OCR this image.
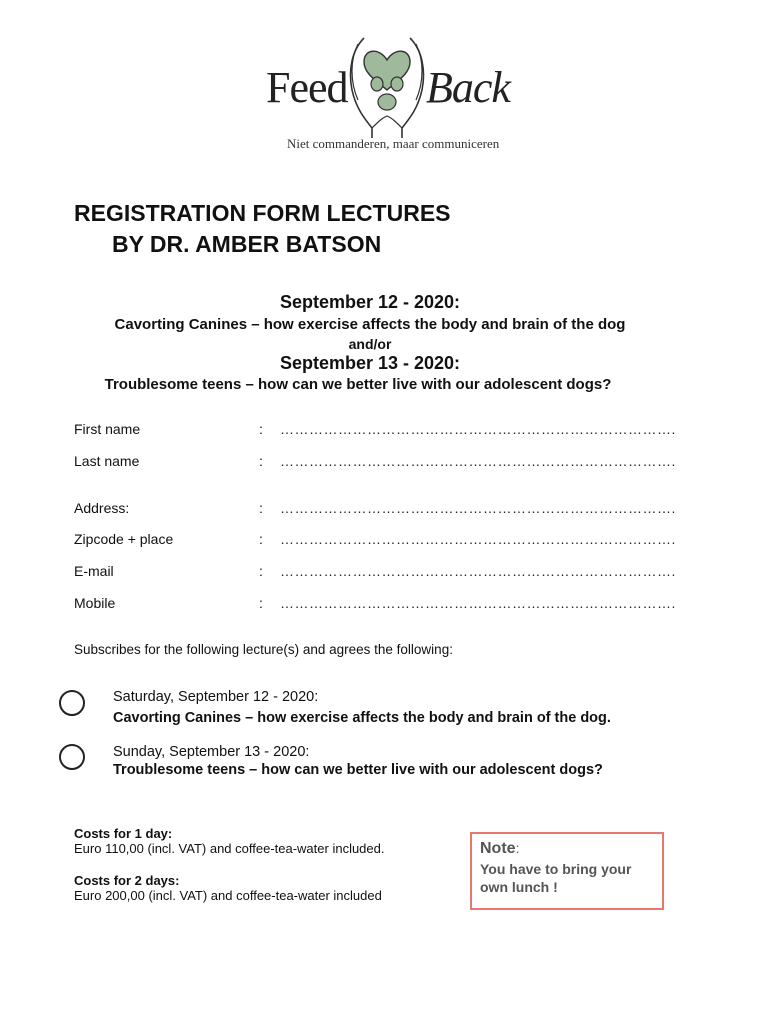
Feed Back
Niet commanderen, maar communiceren
REGISTRATION FORM LECTURES
BY DR. AMBER BATSON
September 12 - 2020:
Cavorting Canines – how exercise affects the body and brain of the dog
and/or
September 13 - 2020:
Troublesome teens – how can we better live with our adolescent dogs?
First name	: ……………………………………………………………………….
Last name	: ……………………………………………………………………….
Address:	: ……………………………………………………………………….
Zipcode + place	: ……………………………………………………………………….
E-mail	: ……………………………………………………………………….
Mobile	: ……………………………………………………………………….
Subscribes for the following lecture(s) and agrees the following:
Saturday, September 12 - 2020:
Cavorting Canines – how exercise affects the body and brain of the dog.
Sunday, September 13 - 2020:
Troublesome teens – how can we better live with our adolescent dogs?
Costs for 1 day:
Euro 110,00 (incl. VAT) and coffee-tea-water included.
Costs for 2 days:
Euro 200,00 (incl. VAT) and coffee-tea-water included
Note:
You have to bring your own lunch !
